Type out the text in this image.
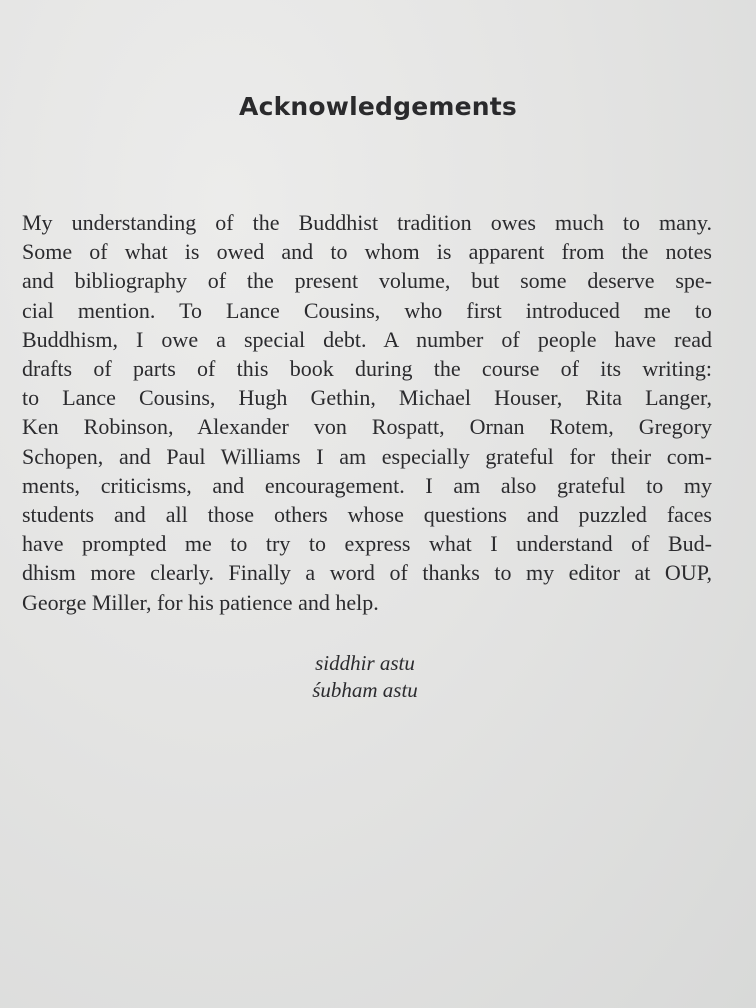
Acknowledgements
My understanding of the Buddhist tradition owes much to many.
Some of what is owed and to whom is apparent from the notes
and bibliography of the present volume, but some deserve spe-
cial mention. To Lance Cousins, who first introduced me to
Buddhism, I owe a special debt. A number of people have read
drafts of parts of this book during the course of its writing:
to Lance Cousins, Hugh Gethin, Michael Houser, Rita Langer,
Ken Robinson, Alexander von Rospatt, Ornan Rotem, Gregory
Schopen, and Paul Williams I am especially grateful for their com-
ments, criticisms, and encouragement. I am also grateful to my
students and all those others whose questions and puzzled faces
have prompted me to try to express what I understand of Bud-
dhism more clearly. Finally a word of thanks to my editor at OUP,
George Miller, for his patience and help.
siddhir astu
śubham astu
